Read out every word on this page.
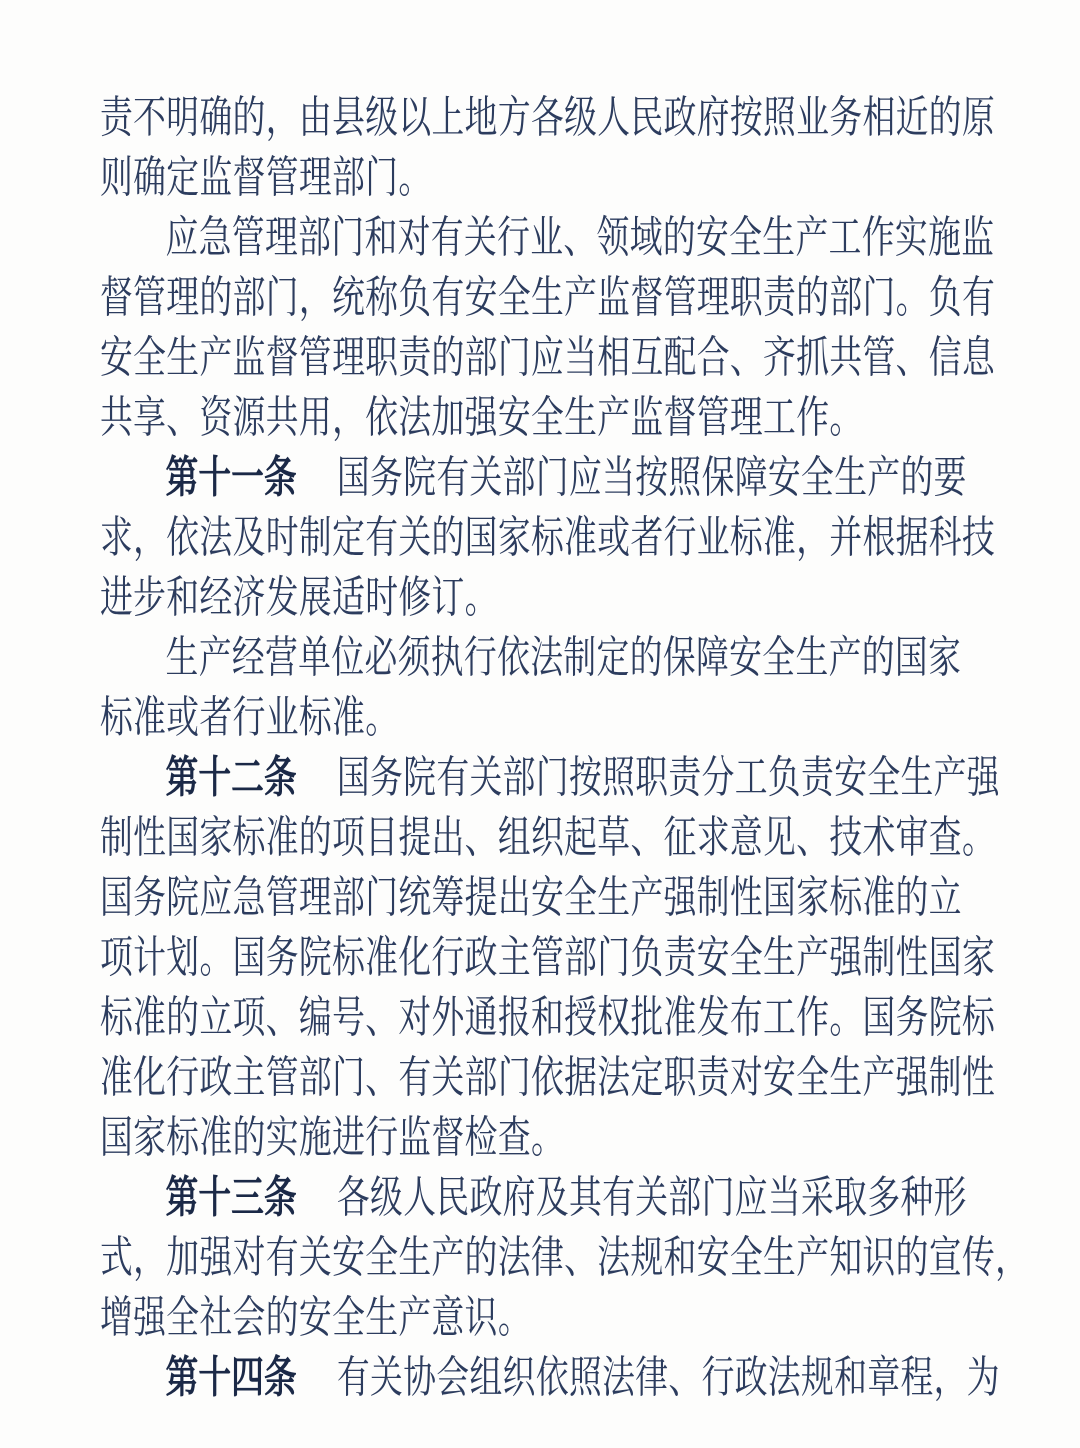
责不明确的，由县级以上地方各级人民政府按照业务相近的原
则确定监督管理部门。
应急管理部门和对有关行业、领域的安全生产工作实施监
督管理的部门，统称负有安全生产监督管理职责的部门。负有
安全生产监督管理职责的部门应当相互配合、齐抓共管、信息
共享、资源共用，依法加强安全生产监督管理工作。
第十一条 国务院有关部门应当按照保障安全生产的要
求，依法及时制定有关的国家标准或者行业标准，并根据科技
进步和经济发展适时修订。
生产经营单位必须执行依法制定的保障安全生产的国家
标准或者行业标准。
第十二条 国务院有关部门按照职责分工负责安全生产强
制性国家标准的项目提出、组织起草、征求意见、技术审查。
国务院应急管理部门统筹提出安全生产强制性国家标准的立
项计划。国务院标准化行政主管部门负责安全生产强制性国家
标准的立项、编号、对外通报和授权批准发布工作。国务院标
准化行政主管部门、有关部门依据法定职责对安全生产强制性
国家标准的实施进行监督检查。
第十三条 各级人民政府及其有关部门应当采取多种形
式，加强对有关安全生产的法律、法规和安全生产知识的宣传，
增强全社会的安全生产意识。
第十四条 有关协会组织依照法律、行政法规和章程，为
